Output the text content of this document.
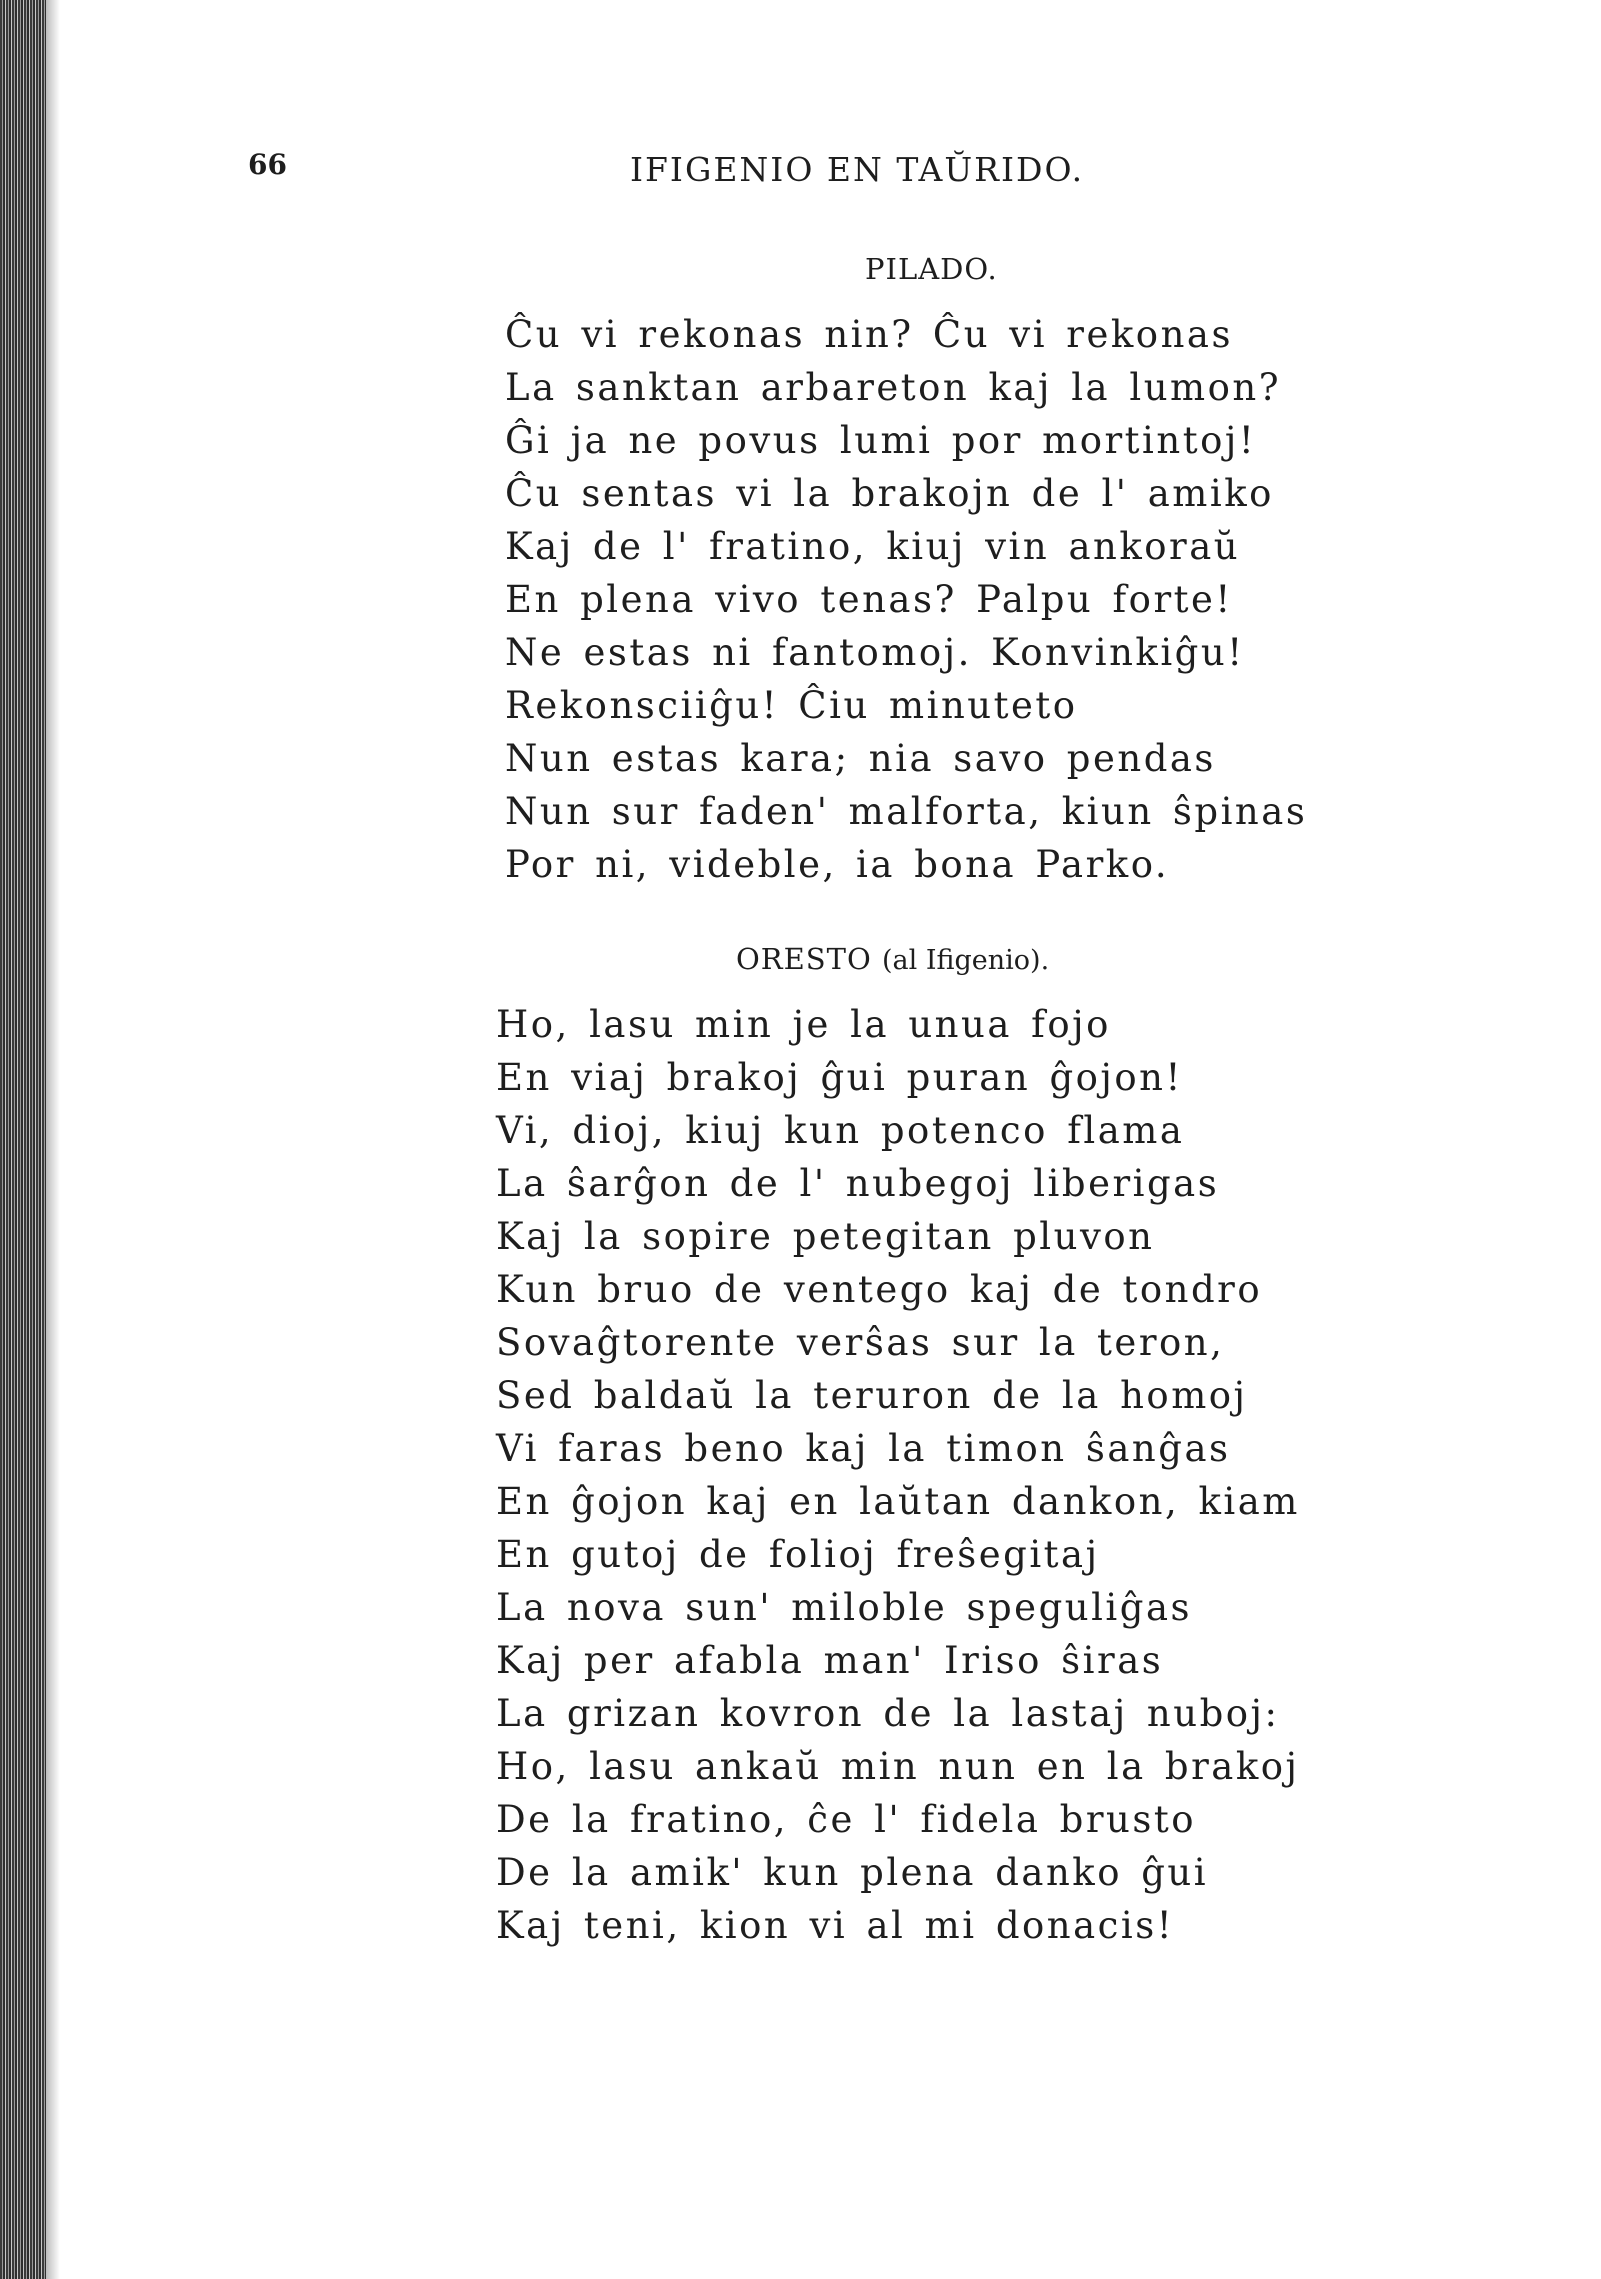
66	IFIGENIO EN TAŬRIDO.

PILADO.

Ĉu vi rekonas nin? Ĉu vi rekonas
La sanktan arbareton kaj la lumon?
Ĝi ja ne povus lumi por mortintoj!
Ĉu sentas vi la brakojn de l' amiko
Kaj de l' fratino, kiuj vin ankoraŭ
En plena vivo tenas? Palpu forte!
Ne estas ni fantomoj. Konvinkiĝu!
Rekonsciiĝu! Ĉiu minuteto
Nun estas kara; nia savo pendas
Nun sur faden' malforta, kiun ŝpinas
Por ni, videble, ia bona Parko.

ORESTO (al Ifigenio).

Ho, lasu min je la unua fojo
En viaj brakoj ĝui puran ĝojon!
Vi, dioj, kiuj kun potenco flama
La ŝarĝon de l' nubegoj liberigas
Kaj la sopire petegitan pluvon
Kun bruo de ventego kaj de tondro
Sovaĝtorente verŝas sur la teron,
Sed baldaŭ la teruron de la homoj
Vi faras beno kaj la timon ŝanĝas
En ĝojon kaj en laŭtan dankon, kiam
En gutoj de folioj freŝegitaj
La nova sun' miloble speguliĝas
Kaj per afabla man' Iriso ŝiras
La grizan kovron de la lastaj nuboj:
Ho, lasu ankaŭ min nun en la brakoj
De la fratino, ĉe l' fidela brusto
De la amik' kun plena danko ĝui
Kaj teni, kion vi al mi donacis!
